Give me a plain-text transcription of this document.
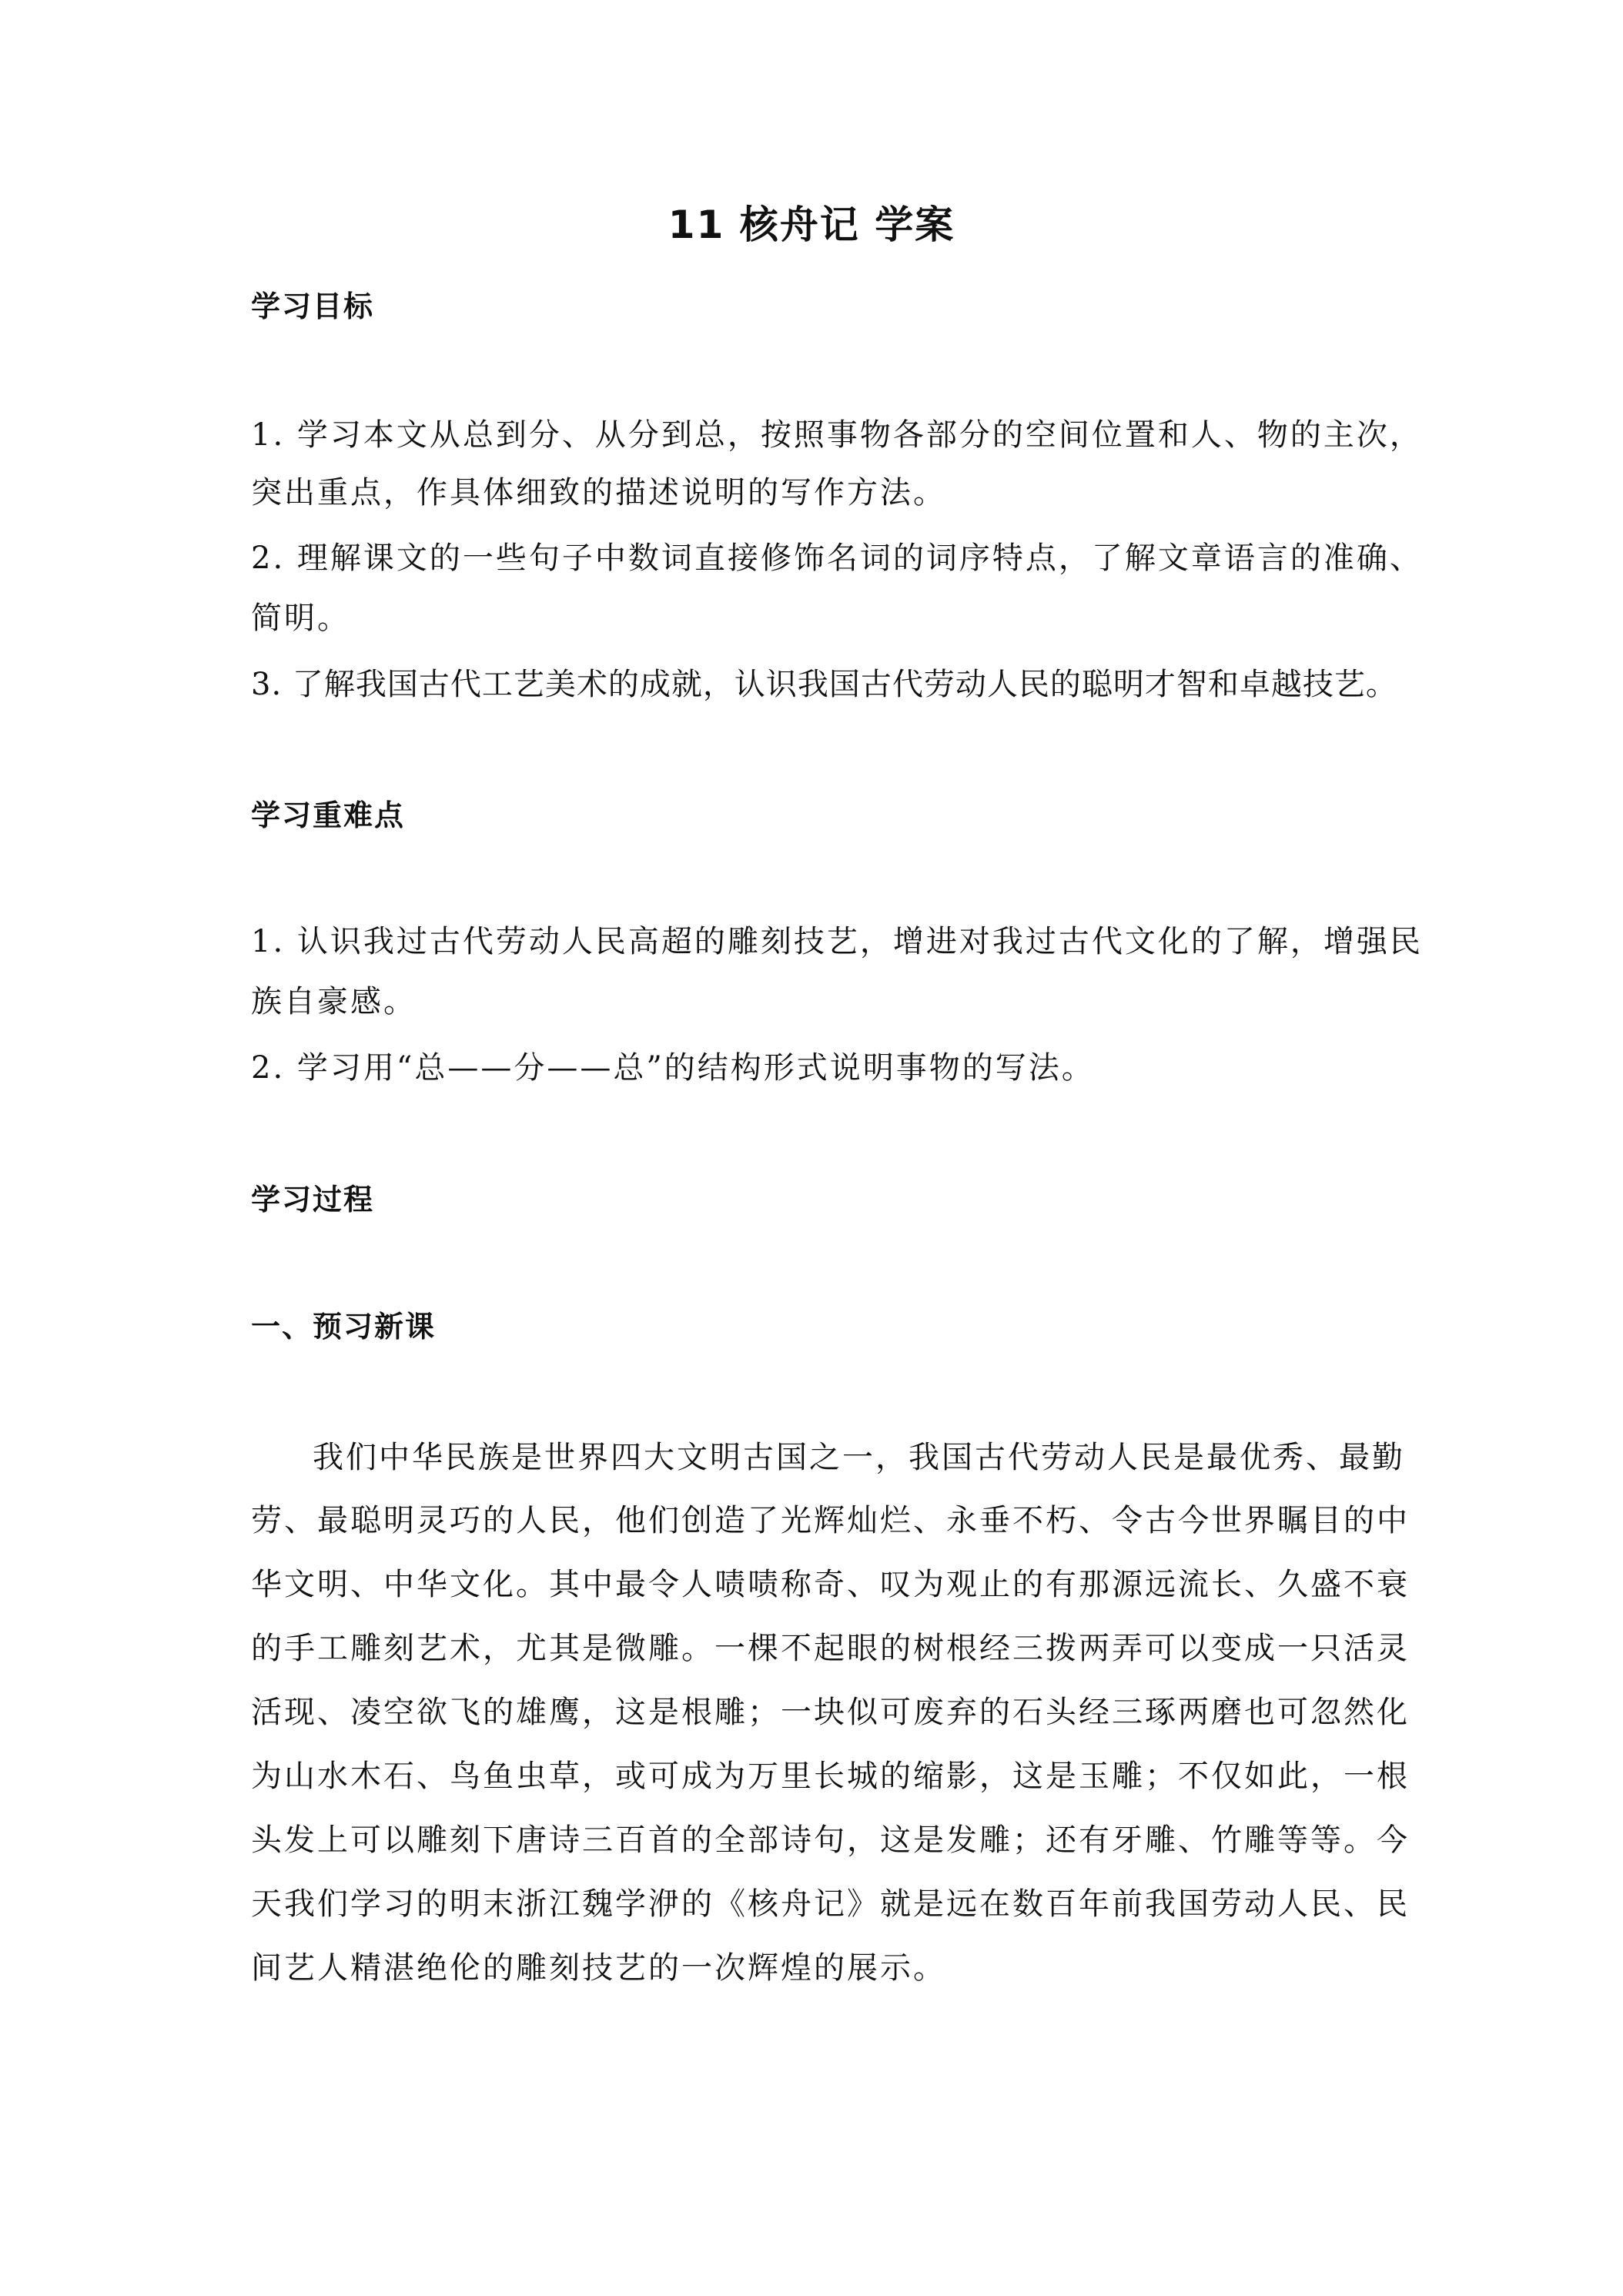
11 核舟记 学案
学习目标
1. 学习本文从总到分、从分到总，按照事物各部分的空间位置和人、物的主次，
突出重点，作具体细致的描述说明的写作方法。
2. 理解课文的一些句子中数词直接修饰名词的词序特点，了解文章语言的准确、
简明。
3. 了解我国古代工艺美术的成就，认识我国古代劳动人民的聪明才智和卓越技艺。
学习重难点
1. 认识我过古代劳动人民高超的雕刻技艺，增进对我过古代文化的了解，增强民
族自豪感。
2. 学习用“总——分——总”的结构形式说明事物的写法。
学习过程
一、预习新课
我们中华民族是世界四大文明古国之一，我国古代劳动人民是最优秀、最勤
劳、最聪明灵巧的人民，他们创造了光辉灿烂、永垂不朽、令古今世界瞩目的中
华文明、中华文化。其中最令人啧啧称奇、叹为观止的有那源远流长、久盛不衰
的手工雕刻艺术，尤其是微雕。一棵不起眼的树根经三拨两弄可以变成一只活灵
活现、凌空欲飞的雄鹰，这是根雕；一块似可废弃的石头经三琢两磨也可忽然化
为山水木石、鸟鱼虫草，或可成为万里长城的缩影，这是玉雕；不仅如此，一根
头发上可以雕刻下唐诗三百首的全部诗句，这是发雕；还有牙雕、竹雕等等。今
天我们学习的明末浙江魏学洢的《核舟记》就是远在数百年前我国劳动人民、民
间艺人精湛绝伦的雕刻技艺的一次辉煌的展示。
